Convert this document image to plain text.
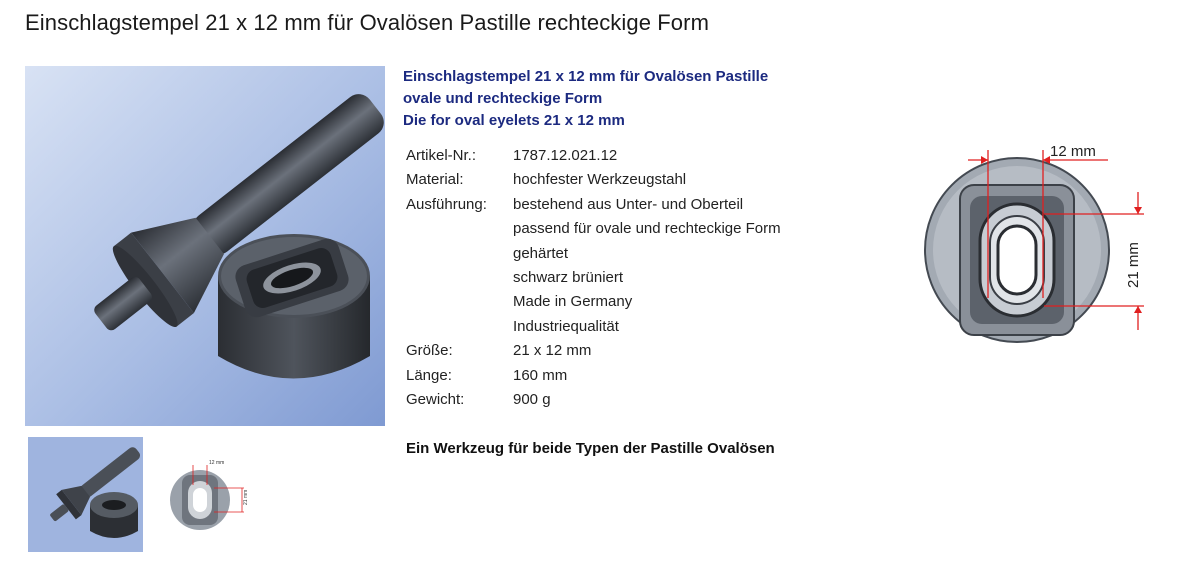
Einschlagstempel 21 x 12 mm für Ovalösen Pastille rechteckige Form
12 mm
21 mm
Einschlagstempel 21 x 12 mm für Ovalösen Pastille
ovale und rechteckige Form
Die for oval eyelets 21 x 12 mm
Artikel-Nr.:	1787.12.021.12
Material:	hochfester Werkzeugstahl
Ausführung:	bestehend aus Unter- und Oberteil
	passend für ovale und rechteckige Form
	gehärtet
	schwarz brüniert
	Made in Germany
	Industriequalität
Größe:	21 x 12 mm
Länge:	160 mm
Gewicht:	900 g
Ein Werkzeug für beide Typen der Pastille Ovalösen
12 mm
21 mm
